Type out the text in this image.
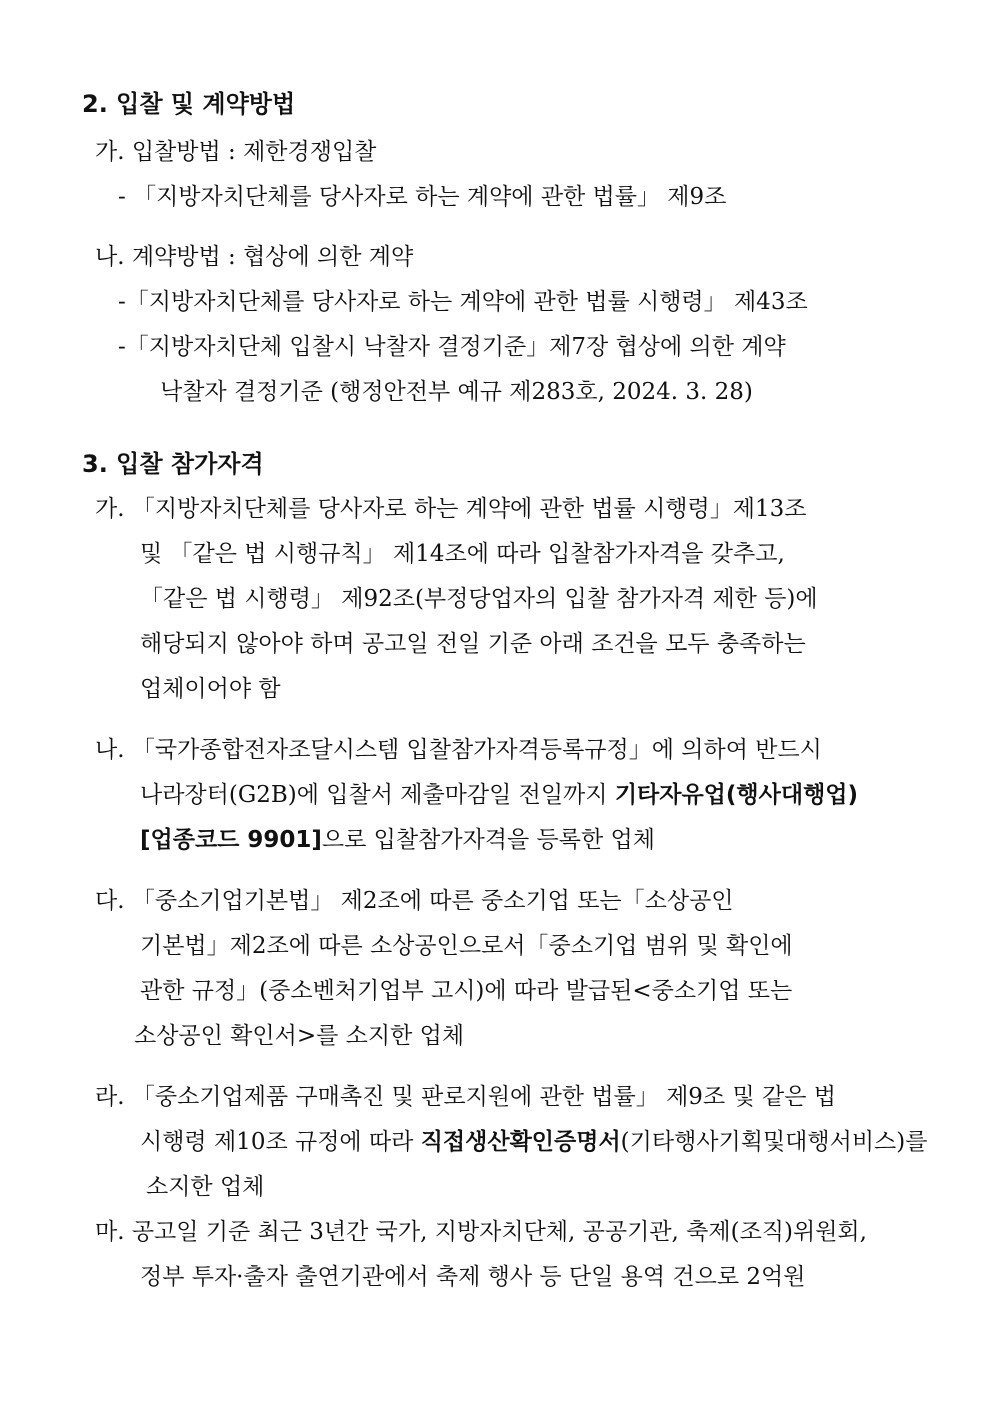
2. 입찰 및 계약방법
가. 입찰방법 : 제한경쟁입찰
- 「지방자치단체를 당사자로 하는 계약에 관한 법률」 제9조
나. 계약방법 : 협상에 의한 계약
-「지방자치단체를 당사자로 하는 계약에 관한 법률 시행령」 제43조
-「지방자치단체 입찰시 낙찰자 결정기준」제7장 협상에 의한 계약
낙찰자 결정기준 (행정안전부 예규 제283호, 2024. 3. 28)
3. 입찰 참가자격
가. 「지방자치단체를 당사자로 하는 계약에 관한 법률 시행령」제13조
및 「같은 법 시행규칙」 제14조에 따라 입찰참가자격을 갖추고,
「같은 법 시행령」 제92조(부정당업자의 입찰 참가자격 제한 등)에
해당되지 않아야 하며 공고일 전일 기준 아래 조건을 모두 충족하는
업체이어야 함
나. 「국가종합전자조달시스템 입찰참가자격등록규정」에 의하여 반드시
나라장터(G2B)에 입찰서 제출마감일 전일까지 기타자유업(행사대행업)
[업종코드 9901]으로 입찰참가자격을 등록한 업체
다. 「중소기업기본법」 제2조에 따른 중소기업 또는「소상공인
기본법」제2조에 따른 소상공인으로서「중소기업 범위 및 확인에
관한 규정」(중소벤처기업부 고시)에 따라 발급된<중소기업 또는
소상공인 확인서>를 소지한 업체
라. 「중소기업제품 구매촉진 및 판로지원에 관한 법률」 제9조 및 같은 법
시행령 제10조 규정에 따라 직접생산확인증명서(기타행사기획및대행서비스)를
소지한 업체
마. 공고일 기준 최근 3년간 국가, 지방자치단체, 공공기관, 축제(조직)위원회,
정부 투자·출자 출연기관에서 축제 행사 등 단일 용역 건으로 2억원
